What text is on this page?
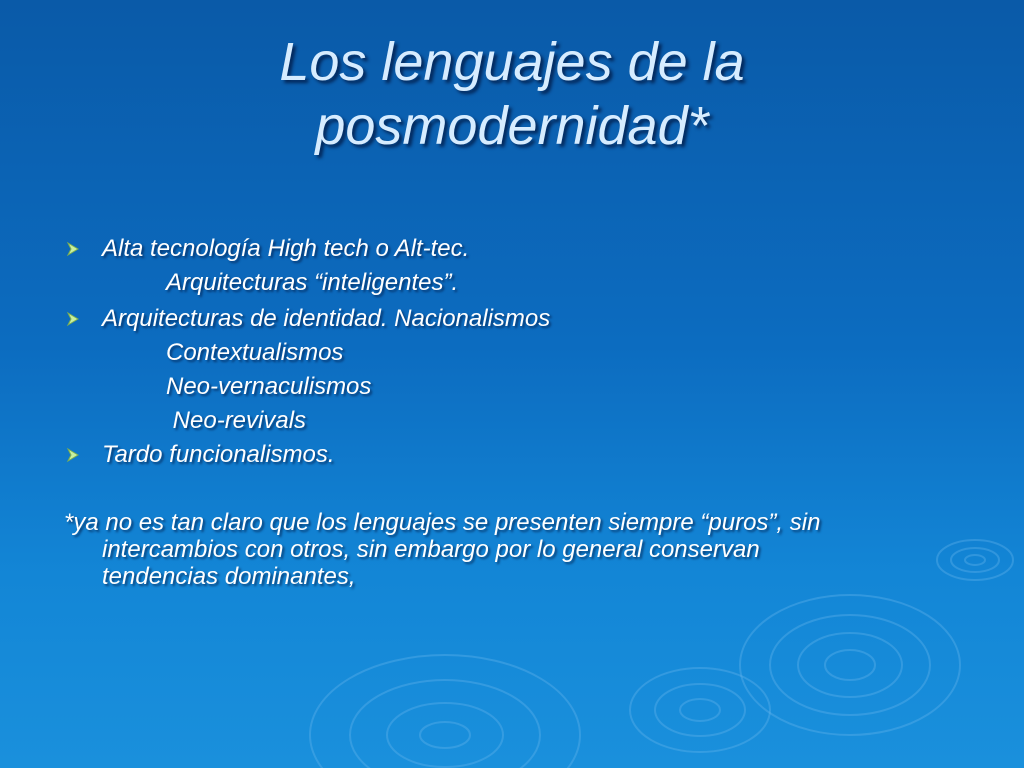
Los lenguajes de la
posmodernidad*
Alta tecnología High tech o Alt-tec.
Arquitecturas “inteligentes”.
Arquitecturas de identidad. Nacionalismos
Contextualismos
Neo-vernaculismos
Neo-revivals
Tardo funcionalismos.
*ya no es tan claro que los lenguajes se presenten siempre “puros”, sin
intercambios con otros, sin embargo por lo general conservan
tendencias dominantes,
